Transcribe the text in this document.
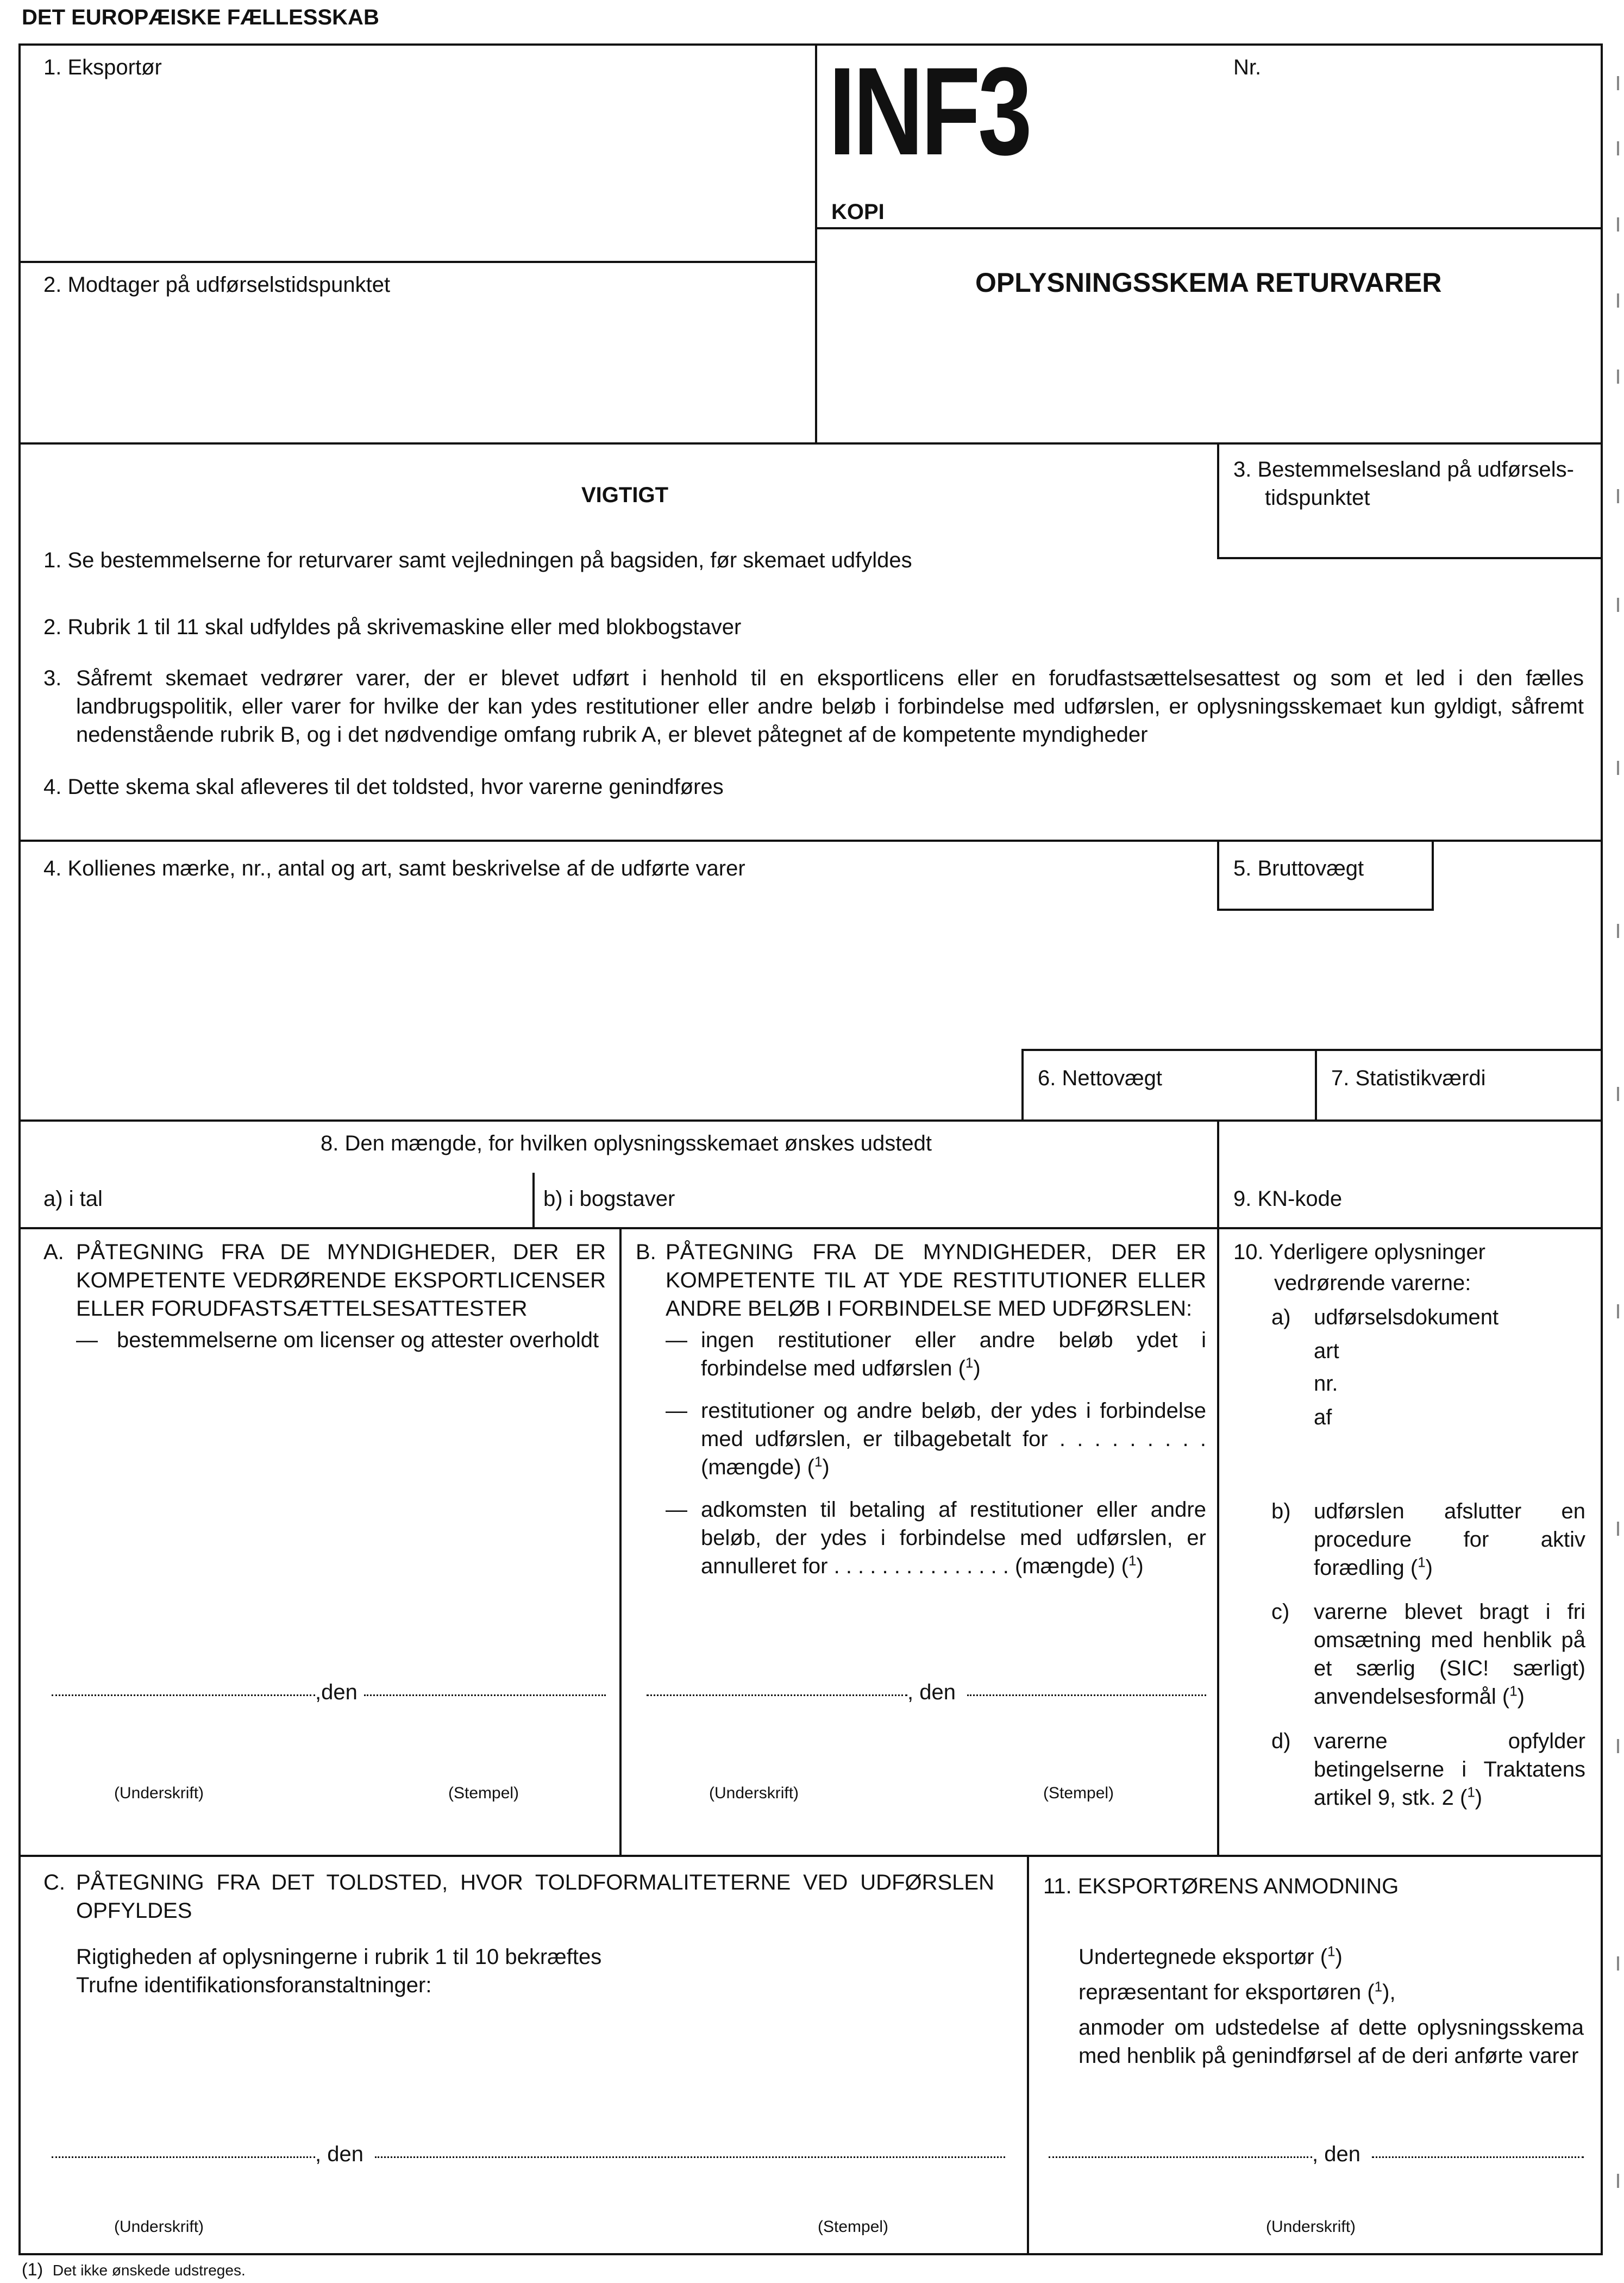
DET EUROPÆISKE FÆLLESSKAB
1. Eksportør	INF3	Nr.
KOPI
OPLYSNINGSSKEMA RETURVARER
2. Modtager på udførselstidspunktet
VIGTIGT
3. Bestemmelsesland på udførsels-
tidspunktet
1. Se bestemmelserne for returvarer samt vejledningen på bagsiden, før skemaet udfyldes
2. Rubrik 1 til 11 skal udfyldes på skrivemaskine eller med blokbogstaver
3. Såfremt skemaet vedrører varer, der er blevet udført i henhold til en eksportlicens eller en forudfastsættelsesattest og som et led i den fælles landbrugspolitik, eller varer for hvilke der kan ydes restitutioner eller andre beløb i forbindelse med udførslen, er oplysningsskemaet kun gyldigt, såfremt nedenstående rubrik B, og i det nødvendige omfang rubrik A, er blevet påtegnet af de kompetente myndigheder
4. Dette skema skal afleveres til det toldsted, hvor varerne genindføres
4. Kollienes mærke, nr., antal og art, samt beskrivelse af de udførte varer	5. Bruttovægt
6. Nettovægt	7. Statistikværdi
8. Den mængde, for hvilken oplysningsskemaet ønskes udstedt
a) i tal	b) i bogstaver	9. KN-kode
A. PÅTEGNING FRA DE MYNDIGHEDER, DER ER KOMPETENTE VEDRØRENDE EKSPORTLICENSER ELLER FORUDFASTSÆTTELSESATTESTER
— bestemmelserne om licenser og attester overholdt
,den
(Underskrift)	(Stempel)
B. PÅTEGNING FRA DE MYNDIGHEDER, DER ER KOMPETENTE TIL AT YDE RESTITUTIONER ELLER ANDRE BELØB I FORBINDELSE MED UDFØRSLEN:
— ingen restitutioner eller andre beløb ydet i forbindelse med udførslen ($^1$)
— restitutioner og andre beløb, der ydes i forbindelse med udførslen, er tilbagebetalt for . . . . . . . . . (mængde) ($^1$)
— adkomsten til betaling af restitutioner eller andre beløb, der ydes i forbindelse med udførslen, er annulleret for . . . . . . . . . . . . . . . (mængde) ($^1$)
, den
(Underskrift)	(Stempel)
10. Yderligere oplysninger
vedrørende varerne:
a) udførselsdokument
art
nr.
af
b) udførslen afslutter en procedure for aktiv forædling ($^1$)
c) varerne blevet bragt i fri omsætning med henblik på et særlig (SIC! særligt) anvendelsesformål ($^1$)
d) varerne opfylder betingelserne i Traktatens artikel 9, stk. 2 ($^1$)
C. PÅTEGNING FRA DET TOLDSTED, HVOR TOLDFORMALITETERNE VED UDFØRSLEN OPFYLDES
Rigtigheden af oplysningerne i rubrik 1 til 10 bekræftes
Trufne identifikationsforanstaltninger:
, den
(Underskrift)	(Stempel)
11. EKSPORTØRENS ANMODNING
Undertegnede eksportør ($^1$)
repræsentant for eksportøren ($^1$),
anmoder om udstedelse af dette oplysningsskema med henblik på genindførsel af de deri anførte varer
, den
(Underskrift)
(1) Det ikke ønskede udstreges.
